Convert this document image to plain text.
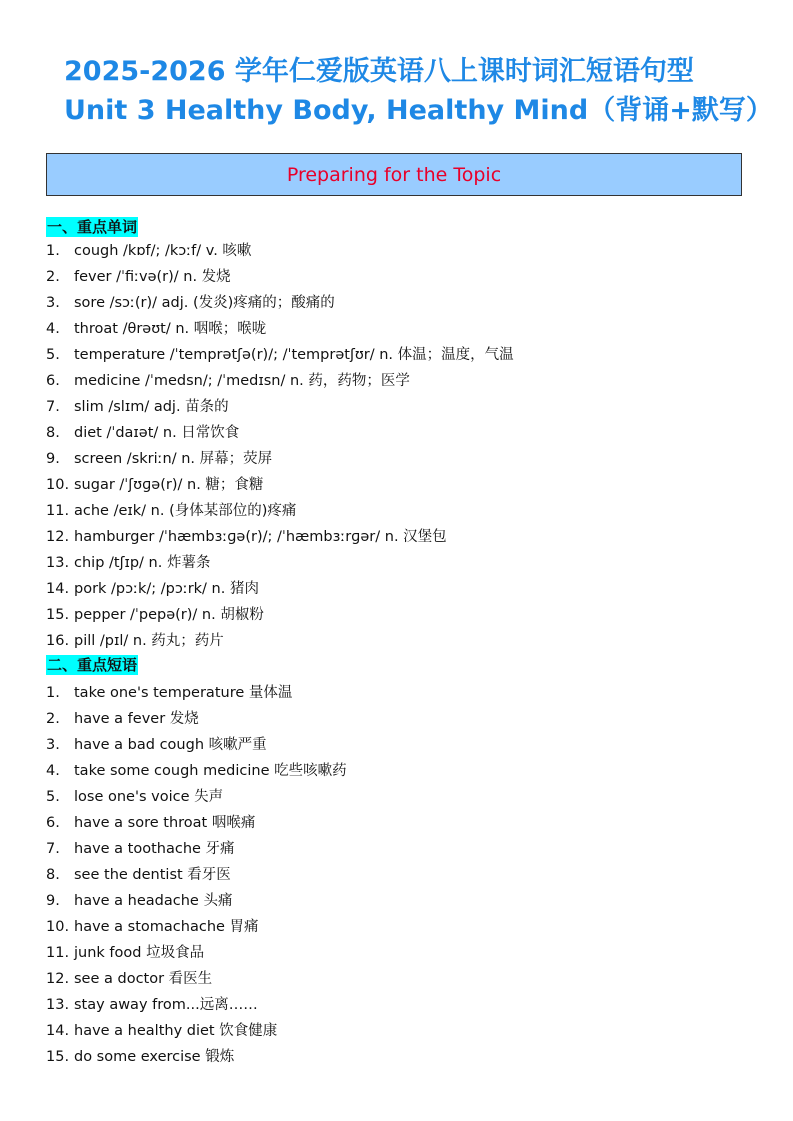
2025-2026 学年仁爱版英语八上课时词汇短语句型
Unit 3 Healthy Body, Healthy Mind（背诵+默写）
Preparing for the Topic
一、重点单词
1. cough /kɒf/; /kɔːf/ v. 咳嗽
2. fever /ˈfiːvə(r)/ n. 发烧
3. sore /sɔː(r)/ adj. (发炎)疼痛的；酸痛的
4. throat /θrəʊt/ n. 咽喉；喉咙
5. temperature /ˈtemprətʃə(r)/; /ˈtemprətʃʊr/ n. 体温；温度，气温
6. medicine /ˈmedsn/; /ˈmedɪsn/ n. 药，药物；医学
7. slim /slɪm/ adj. 苗条的
8. diet /ˈdaɪət/ n. 日常饮食
9. screen /skriːn/ n. 屏幕；荧屏
10. sugar /ˈʃʊɡə(r)/ n. 糖；食糖
11. ache /eɪk/ n. (身体某部位的)疼痛
12. hamburger /ˈhæmbɜːɡə(r)/; /ˈhæmbɜːrɡər/ n. 汉堡包
13. chip /tʃɪp/ n. 炸薯条
14. pork /pɔːk/; /pɔːrk/ n. 猪肉
15. pepper /ˈpepə(r)/ n. 胡椒粉
16. pill /pɪl/ n. 药丸；药片
二、重点短语
1. take one's temperature 量体温
2. have a fever 发烧
3. have a bad cough 咳嗽严重
4. take some cough medicine 吃些咳嗽药
5. lose one's voice 失声
6. have a sore throat 咽喉痛
7. have a toothache 牙痛
8. see the dentist 看牙医
9. have a headache 头痛
10. have a stomachache 胃痛
11. junk food 垃圾食品
12. see a doctor 看医生
13. stay away from...远离……
14. have a healthy diet 饮食健康
15. do some exercise 锻炼
